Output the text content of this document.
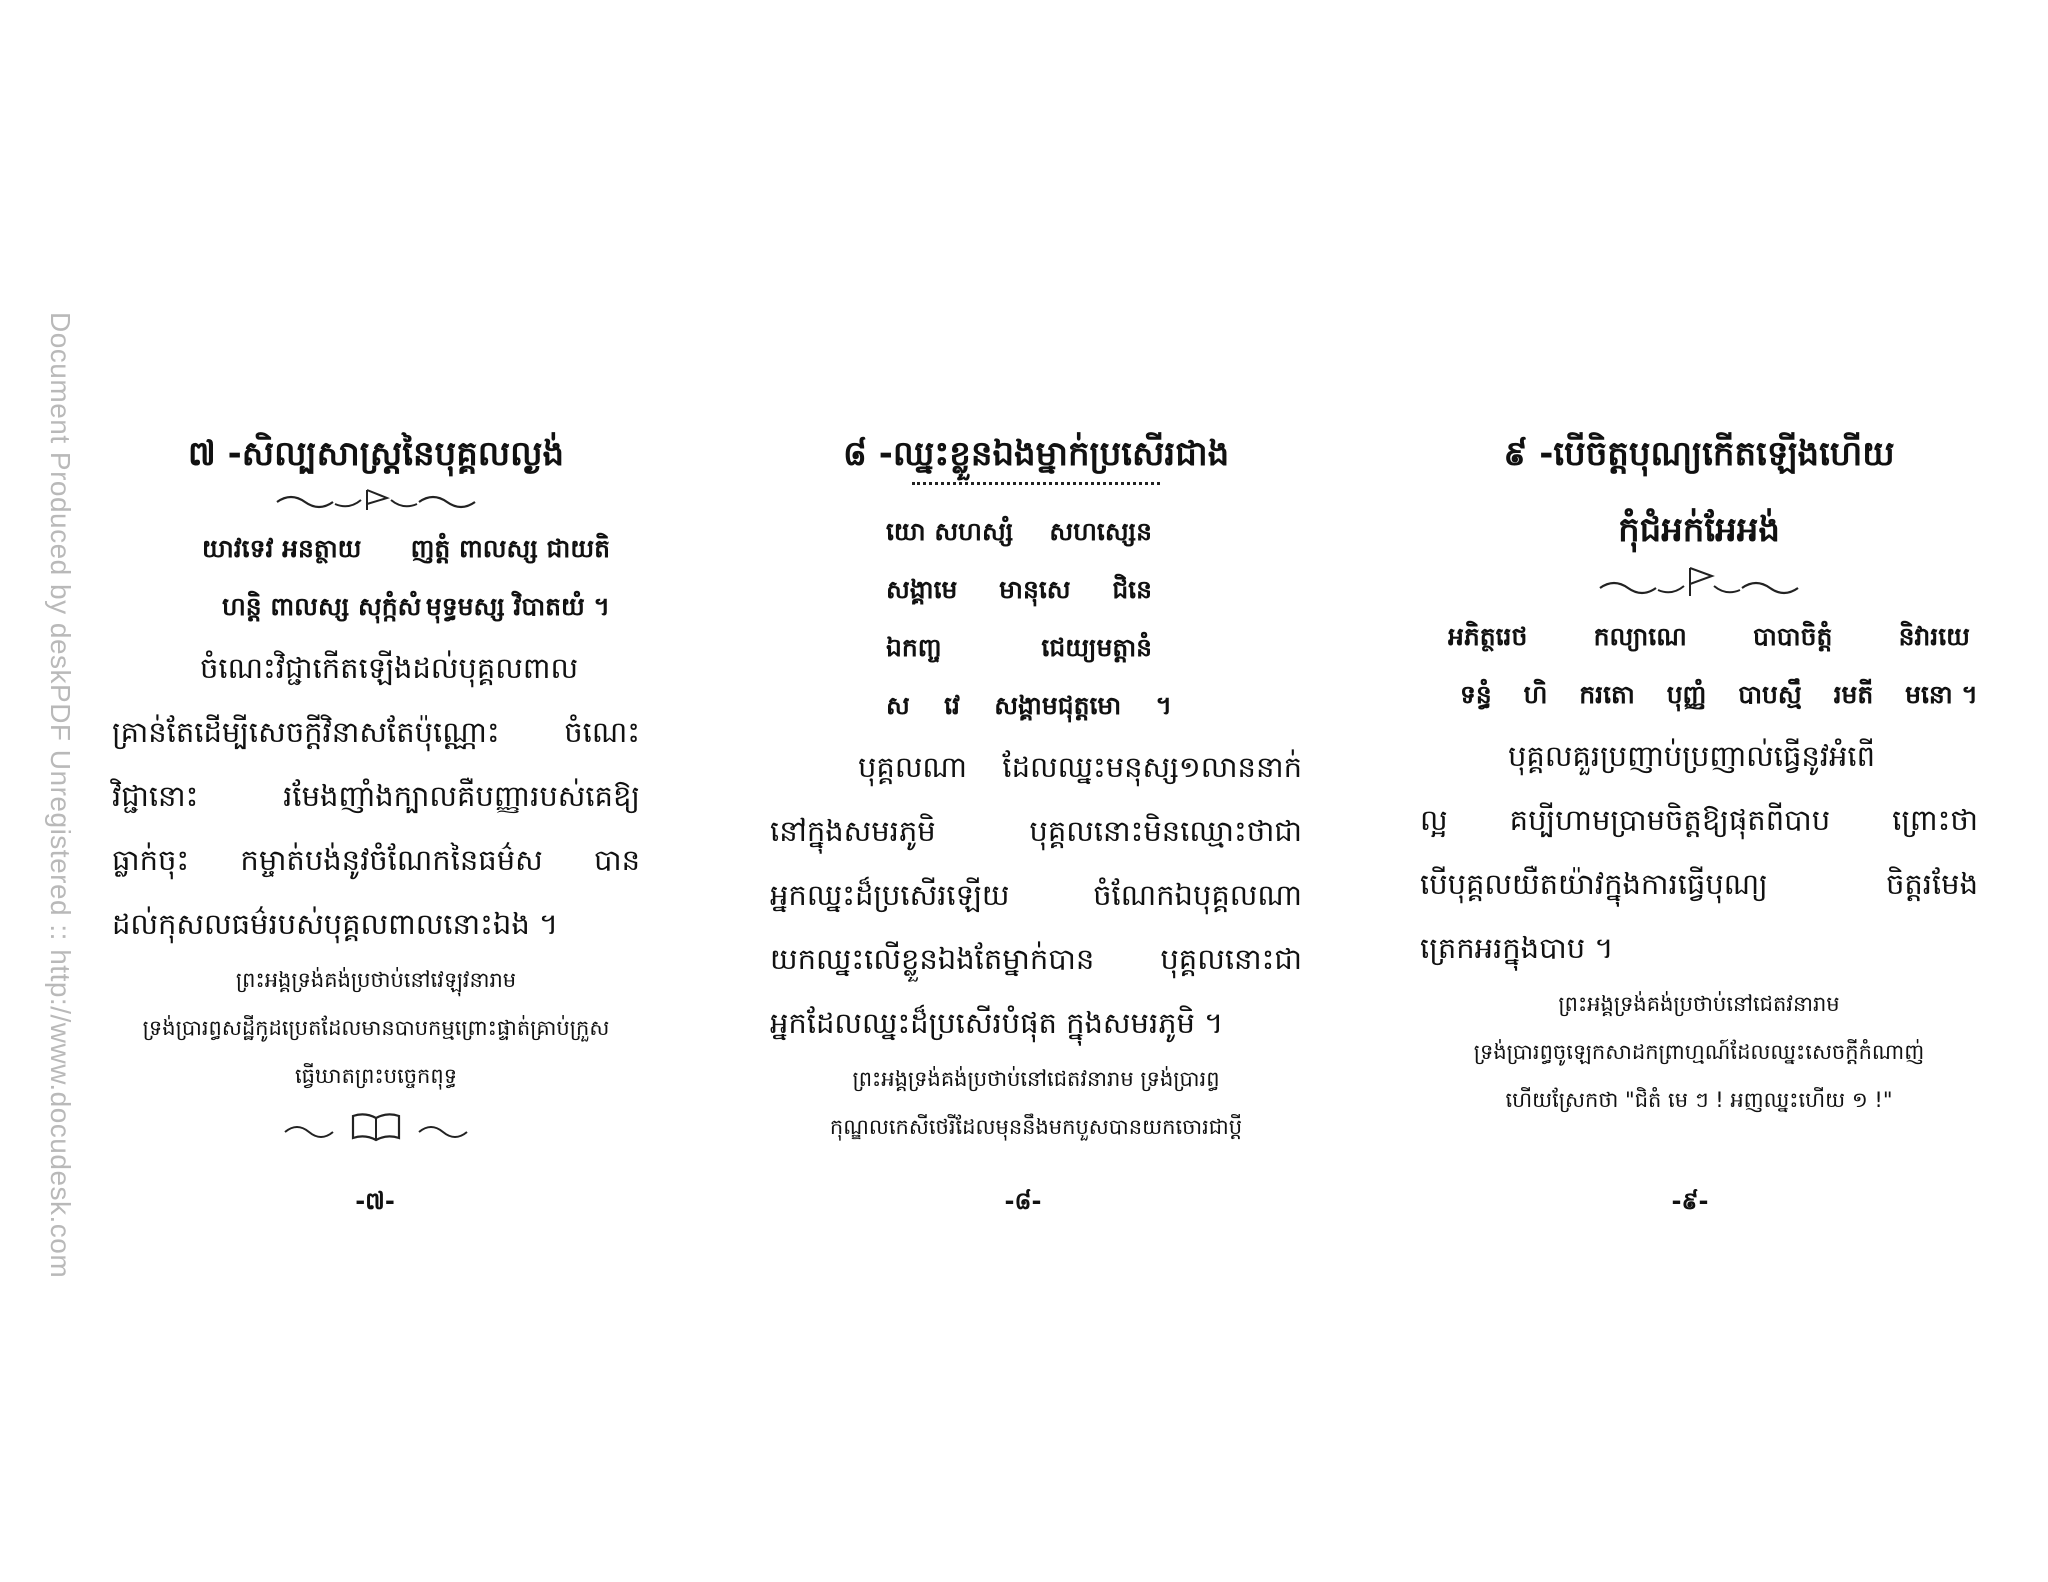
Document Produced by deskPDF Unregistered :: http://www.docudesk.com	៧ -សិល្បសាស្ត្រនៃបុគ្គលល្ងង់

យាវទេវ អនត្ថាយ ញត្តំ ពាលស្ស ជាយតិ
ហន្តិ ពាលស្ស សុក្កំសំ មុទ្ធមស្ស វិបាតយំ ។

ចំណេះវិជ្ជាកើតឡើងដល់បុគ្គលពាល
គ្រាន់តែដើម្បីសេចក្តីវិនាសតែប៉ុណ្ណោះ ចំណេះ
វិជ្ជានោះ រមែងញាំងក្បាលគឺបញ្ញារបស់គេឱ្យ
ធ្លាក់ចុះ កម្ចាត់បង់នូវចំណែកនៃធម៌ស បាន
ដល់កុសលធម៌របស់បុគ្គលពាលនោះឯង ។

ព្រះអង្គទ្រង់គង់ប្រថាប់នៅវេឡុវនារាម

ទ្រង់ប្រារព្ធសដ្ឋីកូដប្រេតដែលមានបាបកម្មព្រោះផ្ទាត់គ្រាប់ក្រួស

ធ្វើឃាតព្រះបច្ចេកពុទ្ធ

-៧-

៨ -ឈ្នះខ្លួនឯងម្នាក់ប្រសើរជាង

យោ សហស្សំ សហស្សេន
សង្គាមេ មានុសេ ជិនេ
ឯកញ្ច	ជេយ្យមត្តានំ
ស វេ សង្គាមជុត្តមោ ។

បុគ្គលណា ដែលឈ្នះមនុស្ស១លាននាក់
នៅក្នុងសមរភូមិ បុគ្គលនោះមិនឈ្មោះថាជា
អ្នកឈ្នះដ៏ប្រសើរឡើយ ចំណែកឯបុគ្គលណា
យកឈ្នះលើខ្លួនឯងតែម្នាក់បាន បុគ្គលនោះជា
អ្នកដែលឈ្នះដ៏ប្រសើរបំផុត ក្នុងសមរភូមិ ។

ព្រះអង្គទ្រង់គង់ប្រថាប់នៅជេតវនារាម ទ្រង់ប្រារព្ធ

កុណ្ឌលកេសីថេរីដែលមុននឹងមកបួសបានយកចោរជាប្តី

-៨-

៩ -បើចិត្តបុណ្យកើតឡើងហើយ

កុំជំអក់អែអង់

អភិត្ថរេថ	កល្យាណេ	បាបាចិត្តំ	និវារយេ
ទន្ធំ ហិ ករតោ បុញ្ញំ បាបស្មឹ រមតី មនោ ។

បុគ្គលគួរប្រញាប់ប្រញាល់ធ្វើនូវអំពើ
ល្អ គប្បីហាមប្រាមចិត្តឱ្យផុតពីបាប ព្រោះថា
បើបុគ្គលយឺតយ៉ាវក្នុងការធ្វើបុណ្យ ចិត្តរមែង
ត្រេកអរក្នុងបាប ។

ព្រះអង្គទ្រង់គង់ប្រថាប់នៅជេតវនារាម

ទ្រង់ប្រារព្ធចូឡេកសាដកព្រាហ្មណ៍ដែលឈ្នះសេចក្តីកំណាញ់

ហើយស្រែកថា "ជិតំ មេ ៗ ! អញឈ្នះហើយ ១ !"

-៩-
